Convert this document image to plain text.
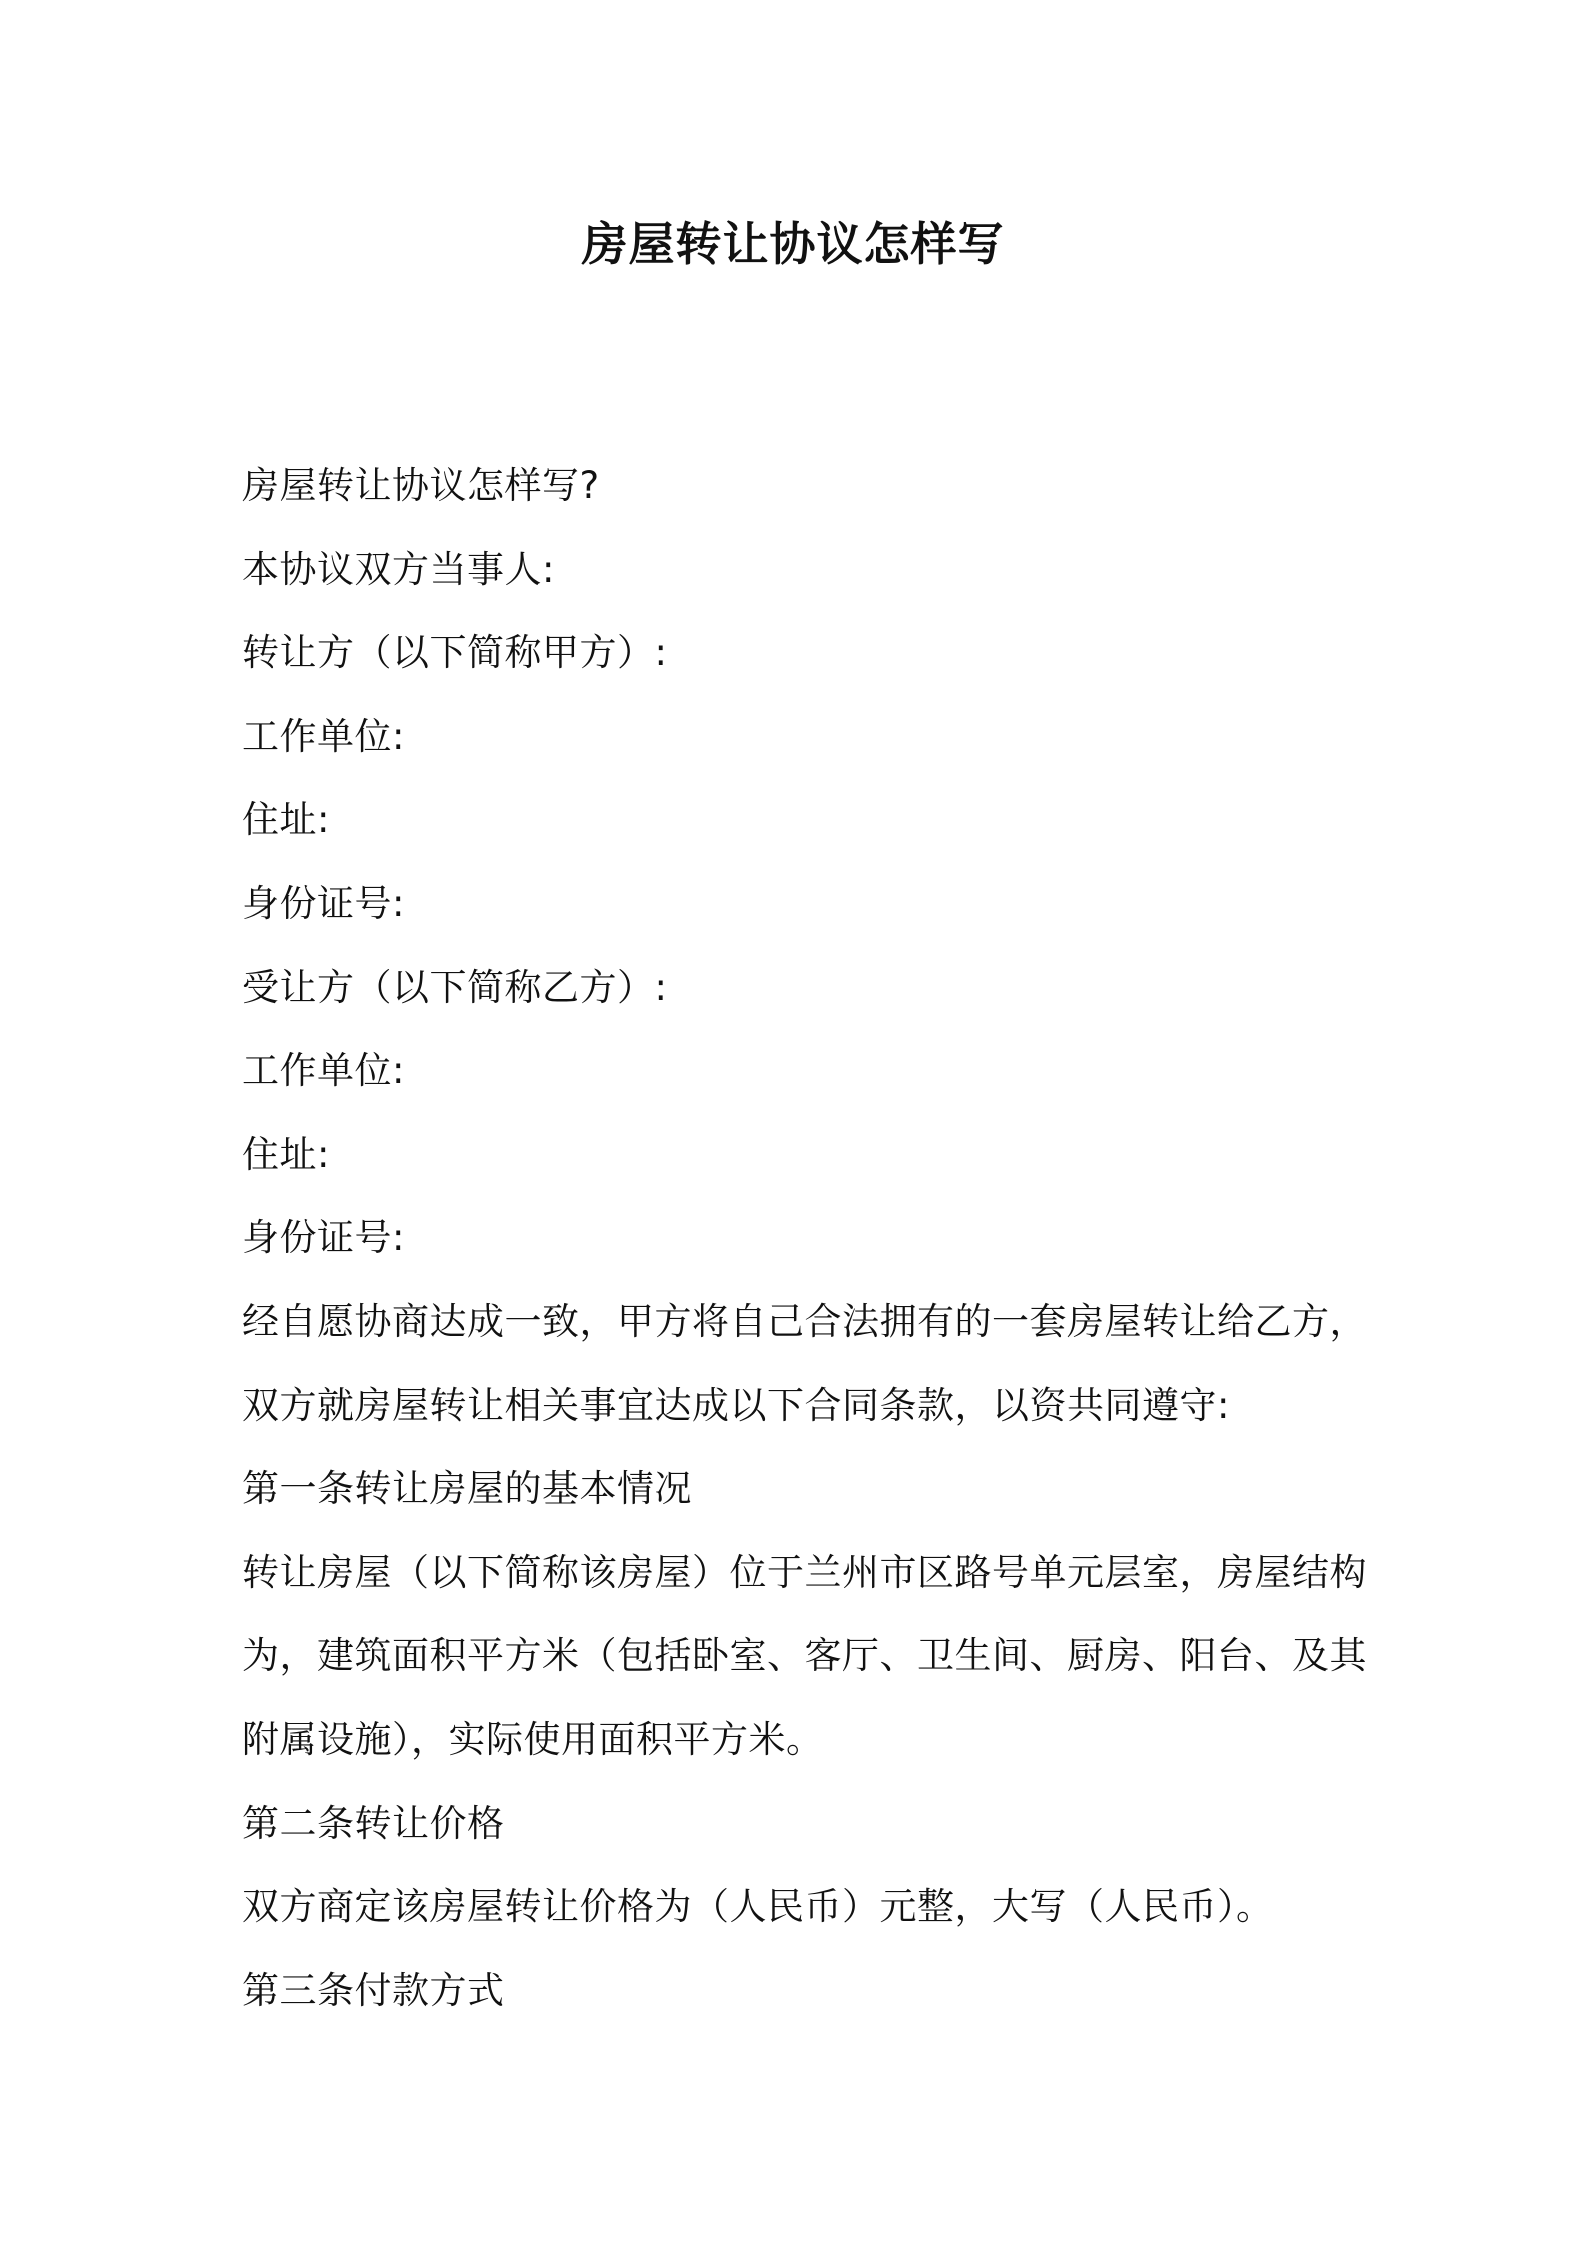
房屋转让协议怎样写
房屋转让协议怎样写?
本协议双方当事人:
转让方（以下简称甲方）:
工作单位:
住址:
身份证号:
受让方（以下简称乙方）:
工作单位:
住址:
身份证号:
经自愿协商达成一致，甲方将自己合法拥有的一套房屋转让给乙方，
双方就房屋转让相关事宜达成以下合同条款，以资共同遵守:
第一条转让房屋的基本情况
转让房屋（以下简称该房屋）位于兰州市区路号单元层室，房屋结构
为，建筑面积平方米（包括卧室、客厅、卫生间、厨房、阳台、及其
附属设施），实际使用面积平方米。
第二条转让价格
双方商定该房屋转让价格为（人民币）元整，大写（人民币）。
第三条付款方式
